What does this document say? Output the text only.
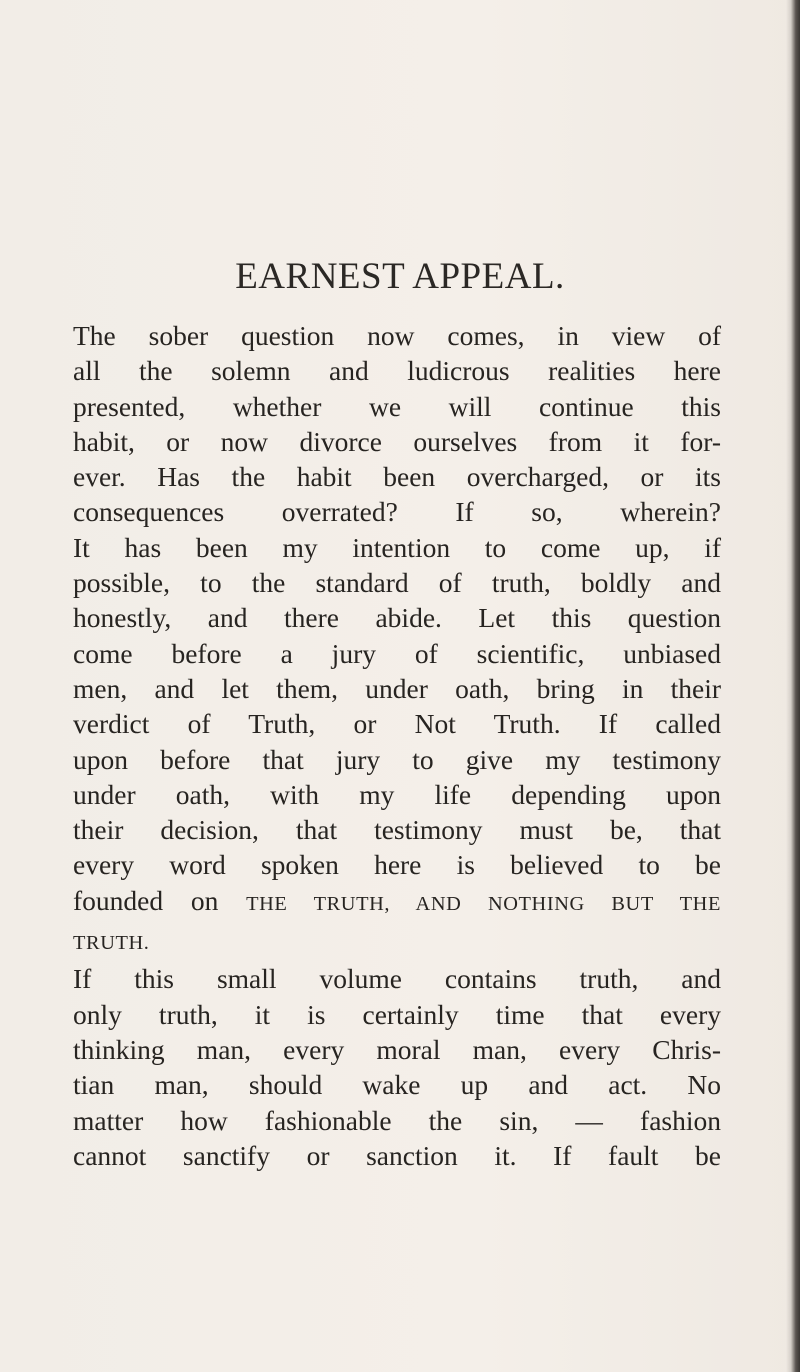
EARNEST APPEAL.
The sober question now comes, in view of
all the solemn and ludicrous realities here
presented, whether we will continue this
habit, or now divorce ourselves from it for-
ever. Has the habit been overcharged, or its
consequences overrated? If so, wherein?
It has been my intention to come up, if
possible, to the standard of truth, boldly and
honestly, and there abide. Let this question
come before a jury of scientific, unbiased
men, and let them, under oath, bring in their
verdict of Truth, or Not Truth. If called
upon before that jury to give my testimony
under oath, with my life depending upon
their decision, that testimony must be, that
every word spoken here is believed to be
founded on THE TRUTH, AND NOTHING BUT THE
TRUTH.
If this small volume contains truth, and
only truth, it is certainly time that every
thinking man, every moral man, every Chris-
tian man, should wake up and act. No
matter how fashionable the sin, — fashion
cannot sanctify or sanction it. If fault be
